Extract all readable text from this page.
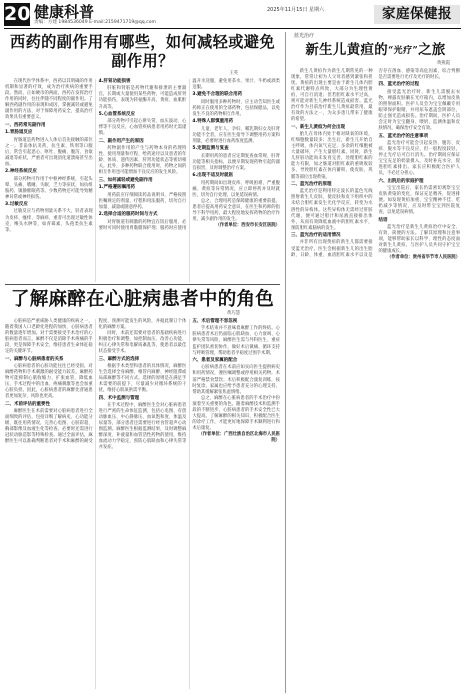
20 健康科普
责编：方建 1984536049 E-mail:2159471719@qq.com
2025年11月15日 星期六	家庭保健报
西药的副作用有哪些，如何减轻或避免副作用？
王英

在现代医学体系中，西药以其明确的作用机制和显著的疗效，成为治疗疾病的重要手段。然而，正如硬币的两面，西药在发挥治疗作用的同时，往往伴随不同程度的副作用。了解西药副作用的表现和成因，掌握减轻或避免副作用的方法，对于保障用药安全、提高治疗效果具有重要意义。

一、西药常见副作用
1.胃肠道反应

胃肠道是药物进入人体后首先接触的部位之一。非甾体抗炎药、抗生素、铁剂等口服后，常会引起恶心、呕吐、腹痛、腹泻、食欲减退等症状，严重者可出现消化道溃疡甚至出血。

2.神经系统反应

部分药物可作用于中枢神经系统，引起头晕、头痛、嗜睡、失眠、乏力等症状，如抗组胺药、镇静催眠药等。少数药物还可能导致精神异常或神经损伤。

3.过敏反应

过敏反应与药物剂量关系不大，轻者表现为皮疹、瘙痒、荨麻疹，重者可出现过敏性休克、喉头水肿等，如青霉素、头孢类抗生素等。

4.肝肾功能损害

肝脏和肾脏是药物代谢和排泄的主要器官，长期或大量使用某些药物，可能造成肝肾功能损伤，表现为转氨酶升高、黄疸、血肌酐升高等。

5.心血管系统反应

部分药物可引起心律失常、血压波动、心悸等不良反应，心血管疾病患者用药时尤需谨慎。

二、副作用产生的原因

药物副作用的产生与药物本身的药理特性、使用剂量和疗程、给药途径以及患者的年龄、体质、遗传因素、肝肾功能状态等密切相关。此外，多种药物联合使用时，药物之间的相互作用也可能增加不良反应的发生风险。

三、如何减轻或避免副作用
1.严格遵医嘱用药

用药前应仔细阅读药品说明书，严格按照医嘱规定的剂量、疗程和用法服药，切勿自行加量、减量或随意停药。

2.选择合适的服药时间与方式

对胃肠道有刺激的药物宜在饭后服用，必要时可同时使用胃黏膜保护剂；服药时应使用温开水送服，避免用茶水、果汁、牛奶或酒类送服。

3.避免不合理的联合用药

同时服用多种药物时，应主动告知医生或药师正在使用的全部药物，包括保健品，以免发生不良的药物相互作用。

4.特殊人群慎重用药

儿童、老年人、孕妇、哺乳期妇女及肝肾功能不全者，应在医生指导下调整用药方案和剂量，必要时进行血药浓度监测。

5.定期监测与复查

长期用药的患者应定期复查血常规、肝肾功能等相关指标，以便早期发现药物引起的器官损害，及时调整治疗方案。

6.出现不适及时就医

用药期间如出现皮疹、呼吸困难、严重腹痛、黄疸等异常情况，应立即停药并及时就医，切勿自行处理，以免延误病情。

总之，合理用药是保障健康的重要前提。患者应提高用药安全意识，在医生和药师的指导下科学用药，最大程度地发挥药物的治疗作用，减少副作用的发生。

（作者单位：西安市长安区医院）

了解麻醉在心脏病患者中的角色
黄巧慧

心脏病是严重威胁人类健康的疾病之一，随着我国人口老龄化进程的加快，心脏病患者的数量逐年增加。对于需要接受手术治疗的心脏病患者而言，麻醉不仅是消除手术疼痛的手段，更是保障手术安全、维持患者生命体征稳定的关键环节。

一、麻醉与心脏病患者的关系

心脏病患者的心脏功能往往已经受损，对麻醉药物和手术刺激的耐受能力较差。麻醉药物可能抑制心肌收缩力、扩张血管、降低血压，手术过程中的出血、疼痛刺激等也会加重心脏负担。因此，心脏病患者的麻醉比普通患者更加复杂，风险也更高。

二、术前评估的重要性

麻醉医生在术前需要对心脏病患者进行全面细致的评估，包括详细了解病史、心功能分级、既往用药情况，完善心电图、心脏彩超、胸部影像及血液生化等检查，必要时还需进行冠状动脉造影等特殊检查。通过全面评估，麻醉医生可以准确判断患者对手术和麻醉的耐受程度，预测可能发生的风险，并据此制订个体化的麻醉方案。

同时，术前还需要对患者的基础疾病进行积极治疗和调整，如控制血压、改善心功能、纠正心律失常和电解质紊乱等，使患者以最佳状态接受手术。

三、麻醉方式的选择

根据手术类型和患者的具体情况，麻醉医生会选择全身麻醉、椎管内麻醉、神经阻滞或局部麻醉等不同方式。选择的原则是在满足手术需要的前提下，尽量减少对循环系统的干扰，维持心肌氧供需平衡。

四、术中监测与管理

在手术过程中，麻醉医生会对心脏病患者进行严密的生命体征监测，包括心电图、有创动脉血压、中心静脉压、血氧饱和度、体温及尿量等，部分患者还需要进行经食管超声心动图监测。麻醉医生根据监测结果，及时调整麻醉深度、补液量和血管活性药物的使用，维持血流动力学稳定，预防心肌缺血和心律失常等并发症。

五、术后管理不容忽视

手术结束并不意味着麻醉工作的终结。心脏病患者术后仍面临心肌缺血、心力衰竭、心律失常等风险，麻醉医生需与外科医生、重症监护团队密切协作，做好术后镇痛、循环支持与呼吸管理，帮助患者平稳度过围手术期。

六、患者及家属的配合

心脏病患者在术前应如实向医生提供病史和用药情况，遵医嘱调整或停用相关药物，术前严格禁食禁饮；术后积极配合康复训练，按时复诊。家属也应给予患者充分的心理支持，帮助其缓解紧张焦虑情绪。

总之，麻醉在心脏病患者的手术治疗中扮演着至关重要的角色。随着麻醉技术和监测手段的不断进步，心脏病患者的手术安全性已大大提高。了解麻醉的相关知识，积极配合医生的诊疗工作，才能更好地保障手术顺利进行和术后康复。

（作者单位：广西壮族自治区北海市人民医院）

蓝光治疗
新生儿黄疸的“光疗”之旅
黄燕霞

新生儿黄疸作为新生儿期常见的一种现象，常常让初为人父母者感到紧张和担忧。黄疸的出现主要是由于新生儿体内胆红素代谢特点所致，大部分为生理性黄疸，可自行消退；但若胆红素水平过高，则可能对新生儿神经系统造成损害。蓝光治疗作为目前治疗新生儿黄疸最常用、最有效的方法之一，为众多患儿带来了健康的希望。

一、新生儿黄疸为何会出现

胎儿在母体内处于相对缺氧的环境，红细胞数量较多；出生后，新生儿开始自主呼吸，体内氧气充足，多余的红细胞被大量破坏，产生大量胆红素。同时，新生儿肝脏功能尚未发育完善，处理胆红素的能力有限，加之肠道对胆红素的重吸收较多，导致胆红素在体内蓄积，使皮肤、巩膜等部位出现黄染。

二、蓝光治疗的原理

蓝光治疗是利用特定波长的蓝色光线照射新生儿皮肤，使皮肤和皮下组织中的未结合胆红素发生光化学反应，转变为水溶性的异构体。这些异构体无需经过肝脏代谢，便可通过胆汁和尿液直接排出体外，从而有效降低血液中的胆红素水平，预防胆红素脑病的发生。

三、蓝光治疗的适用情况

并非所有出现黄疸的新生儿都需要接受蓝光治疗。医生会根据新生儿的出生胎龄、日龄、体重、血清胆红素水平以及是否存在溶血、感染等高危因素，综合判断是否需要进行光疗及光疗的时长。

四、蓝光治疗的过程

接受蓝光治疗时，新生儿需脱去衣物，裸露皮肤躺在光疗箱内，以增加皮肤的照射面积。医护人员会为宝宝佩戴专用眼罩保护眼睛，并用尿布遮盖会阴部位，防止强光造成损伤。治疗期间，医护人员会定时为宝宝翻身、喂奶、监测体温和皮肤情况，确保治疗安全有效。

五、蓝光治疗的注意事项

蓝光治疗可能会引起发热、腹泻、皮疹、脱水等不良反应，但一般程度较轻，停止光疗后可自行消失。治疗期间应保证宝宝充足的奶量摄入，及时补充水分，促进胆红素排出。家长应积极配合医护人员，不必过分担心。

六、出院后的家庭护理

宝宝出院后，家长仍需密切观察宝宝皮肤黄染的变化，保证充足喂养，促进排便。如发现黄疸加重、宝宝精神不佳、吃奶减少等情况，应及时带宝宝到医院复查，以免延误病情。

结语

蓝光治疗是新生儿黄疸治疗中安全、有效、简便的方法。了解其原理和注意事项，能够帮助家长以科学、理性的态度面对新生儿黄疸，与医护人员共同守护宝宝的健康成长。

（作者单位：贵州省毕节市人民医院）
